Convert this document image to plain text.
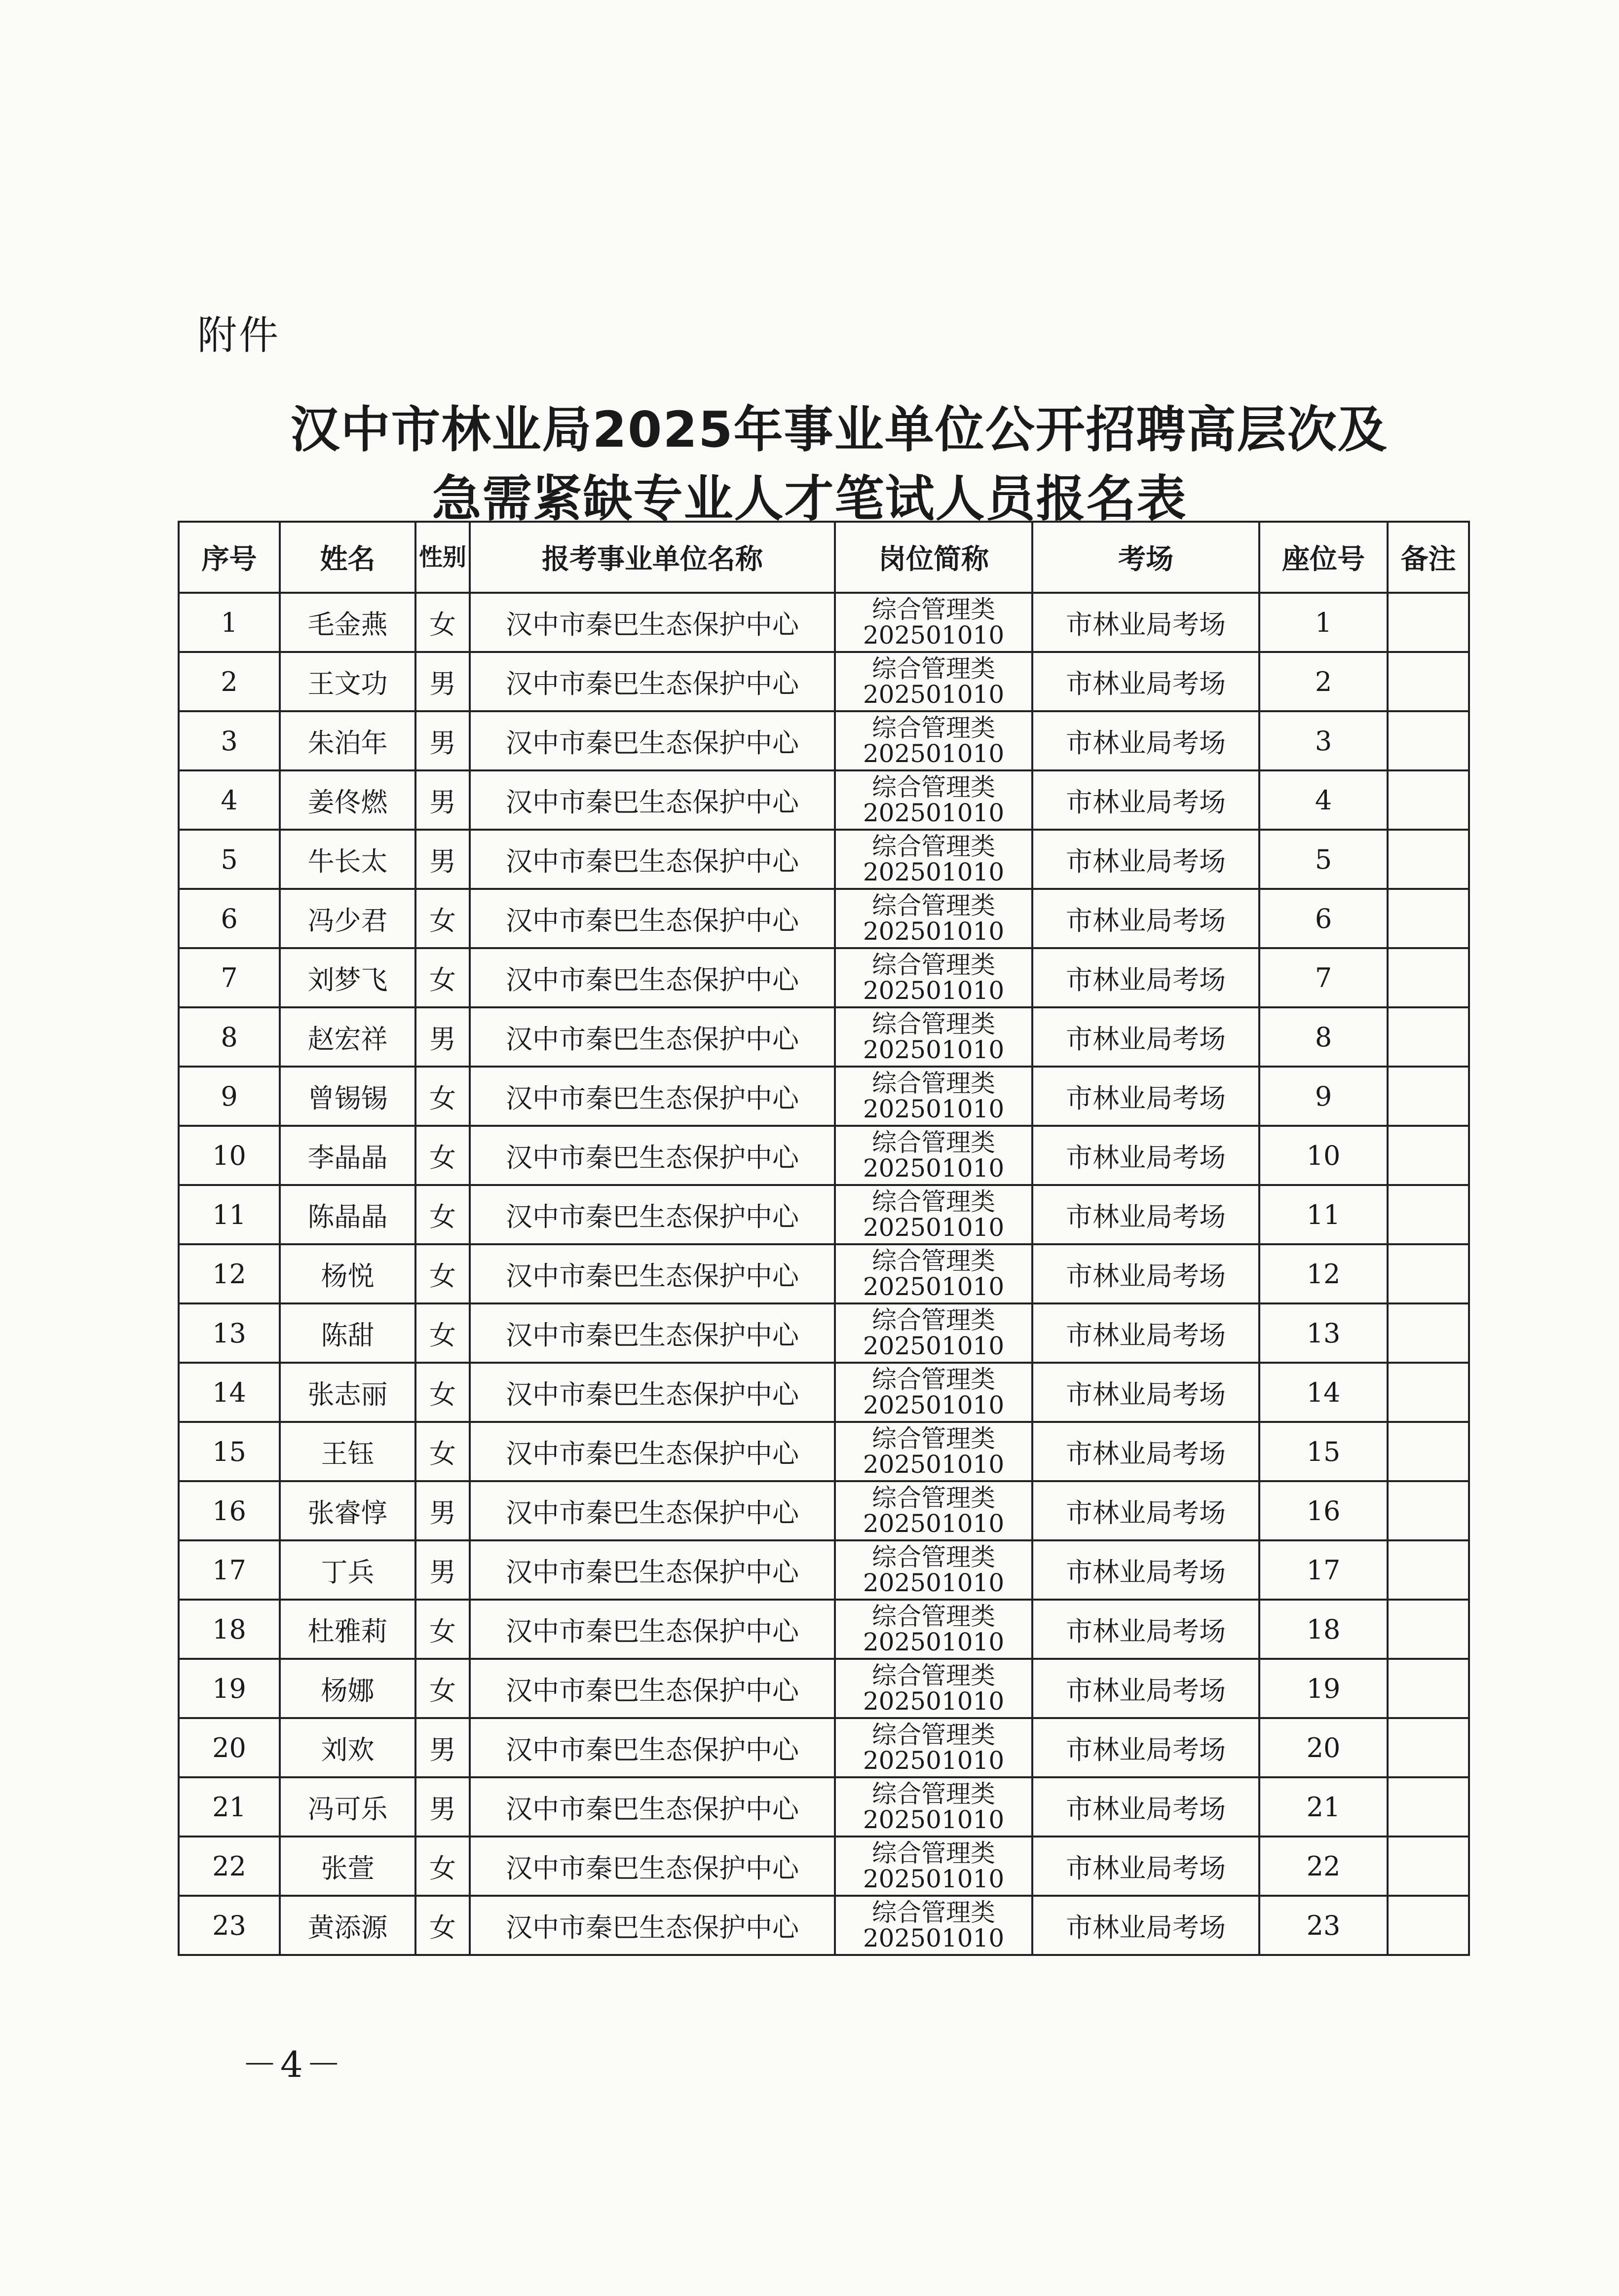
附件
汉中市林业局2025年事业单位公开招聘高层次及
急需紧缺专业人才笔试人员报名表
序号	姓名	性别	报考事业单位名称	岗位简称	考场	座位号	备注
1	毛金燕	女	汉中市秦巴生态保护中心	综合管理类
202501010	市林业局考场	1	
2	王文功	男	汉中市秦巴生态保护中心	综合管理类
202501010	市林业局考场	2	
3	朱泊年	男	汉中市秦巴生态保护中心	综合管理类
202501010	市林业局考场	3	
4	姜佟燃	男	汉中市秦巴生态保护中心	综合管理类
202501010	市林业局考场	4	
5	牛长太	男	汉中市秦巴生态保护中心	综合管理类
202501010	市林业局考场	5	
6	冯少君	女	汉中市秦巴生态保护中心	综合管理类
202501010	市林业局考场	6	
7	刘梦飞	女	汉中市秦巴生态保护中心	综合管理类
202501010	市林业局考场	7	
8	赵宏祥	男	汉中市秦巴生态保护中心	综合管理类
202501010	市林业局考场	8	
9	曾锡锡	女	汉中市秦巴生态保护中心	综合管理类
202501010	市林业局考场	9	
10	李晶晶	女	汉中市秦巴生态保护中心	综合管理类
202501010	市林业局考场	10	
11	陈晶晶	女	汉中市秦巴生态保护中心	综合管理类
202501010	市林业局考场	11	
12	杨悦	女	汉中市秦巴生态保护中心	综合管理类
202501010	市林业局考场	12	
13	陈甜	女	汉中市秦巴生态保护中心	综合管理类
202501010	市林业局考场	13	
14	张志丽	女	汉中市秦巴生态保护中心	综合管理类
202501010	市林业局考场	14	
15	王钰	女	汉中市秦巴生态保护中心	综合管理类
202501010	市林业局考场	15	
16	张睿惇	男	汉中市秦巴生态保护中心	综合管理类
202501010	市林业局考场	16	
17	丁兵	男	汉中市秦巴生态保护中心	综合管理类
202501010	市林业局考场	17	
18	杜雅莉	女	汉中市秦巴生态保护中心	综合管理类
202501010	市林业局考场	18	
19	杨娜	女	汉中市秦巴生态保护中心	综合管理类
202501010	市林业局考场	19	
20	刘欢	男	汉中市秦巴生态保护中心	综合管理类
202501010	市林业局考场	20	
21	冯可乐	男	汉中市秦巴生态保护中心	综合管理类
202501010	市林业局考场	21	
22	张萱	女	汉中市秦巴生态保护中心	综合管理类
202501010	市林业局考场	22	
23	黄添源	女	汉中市秦巴生态保护中心	综合管理类
202501010	市林业局考场	23	
－4－
